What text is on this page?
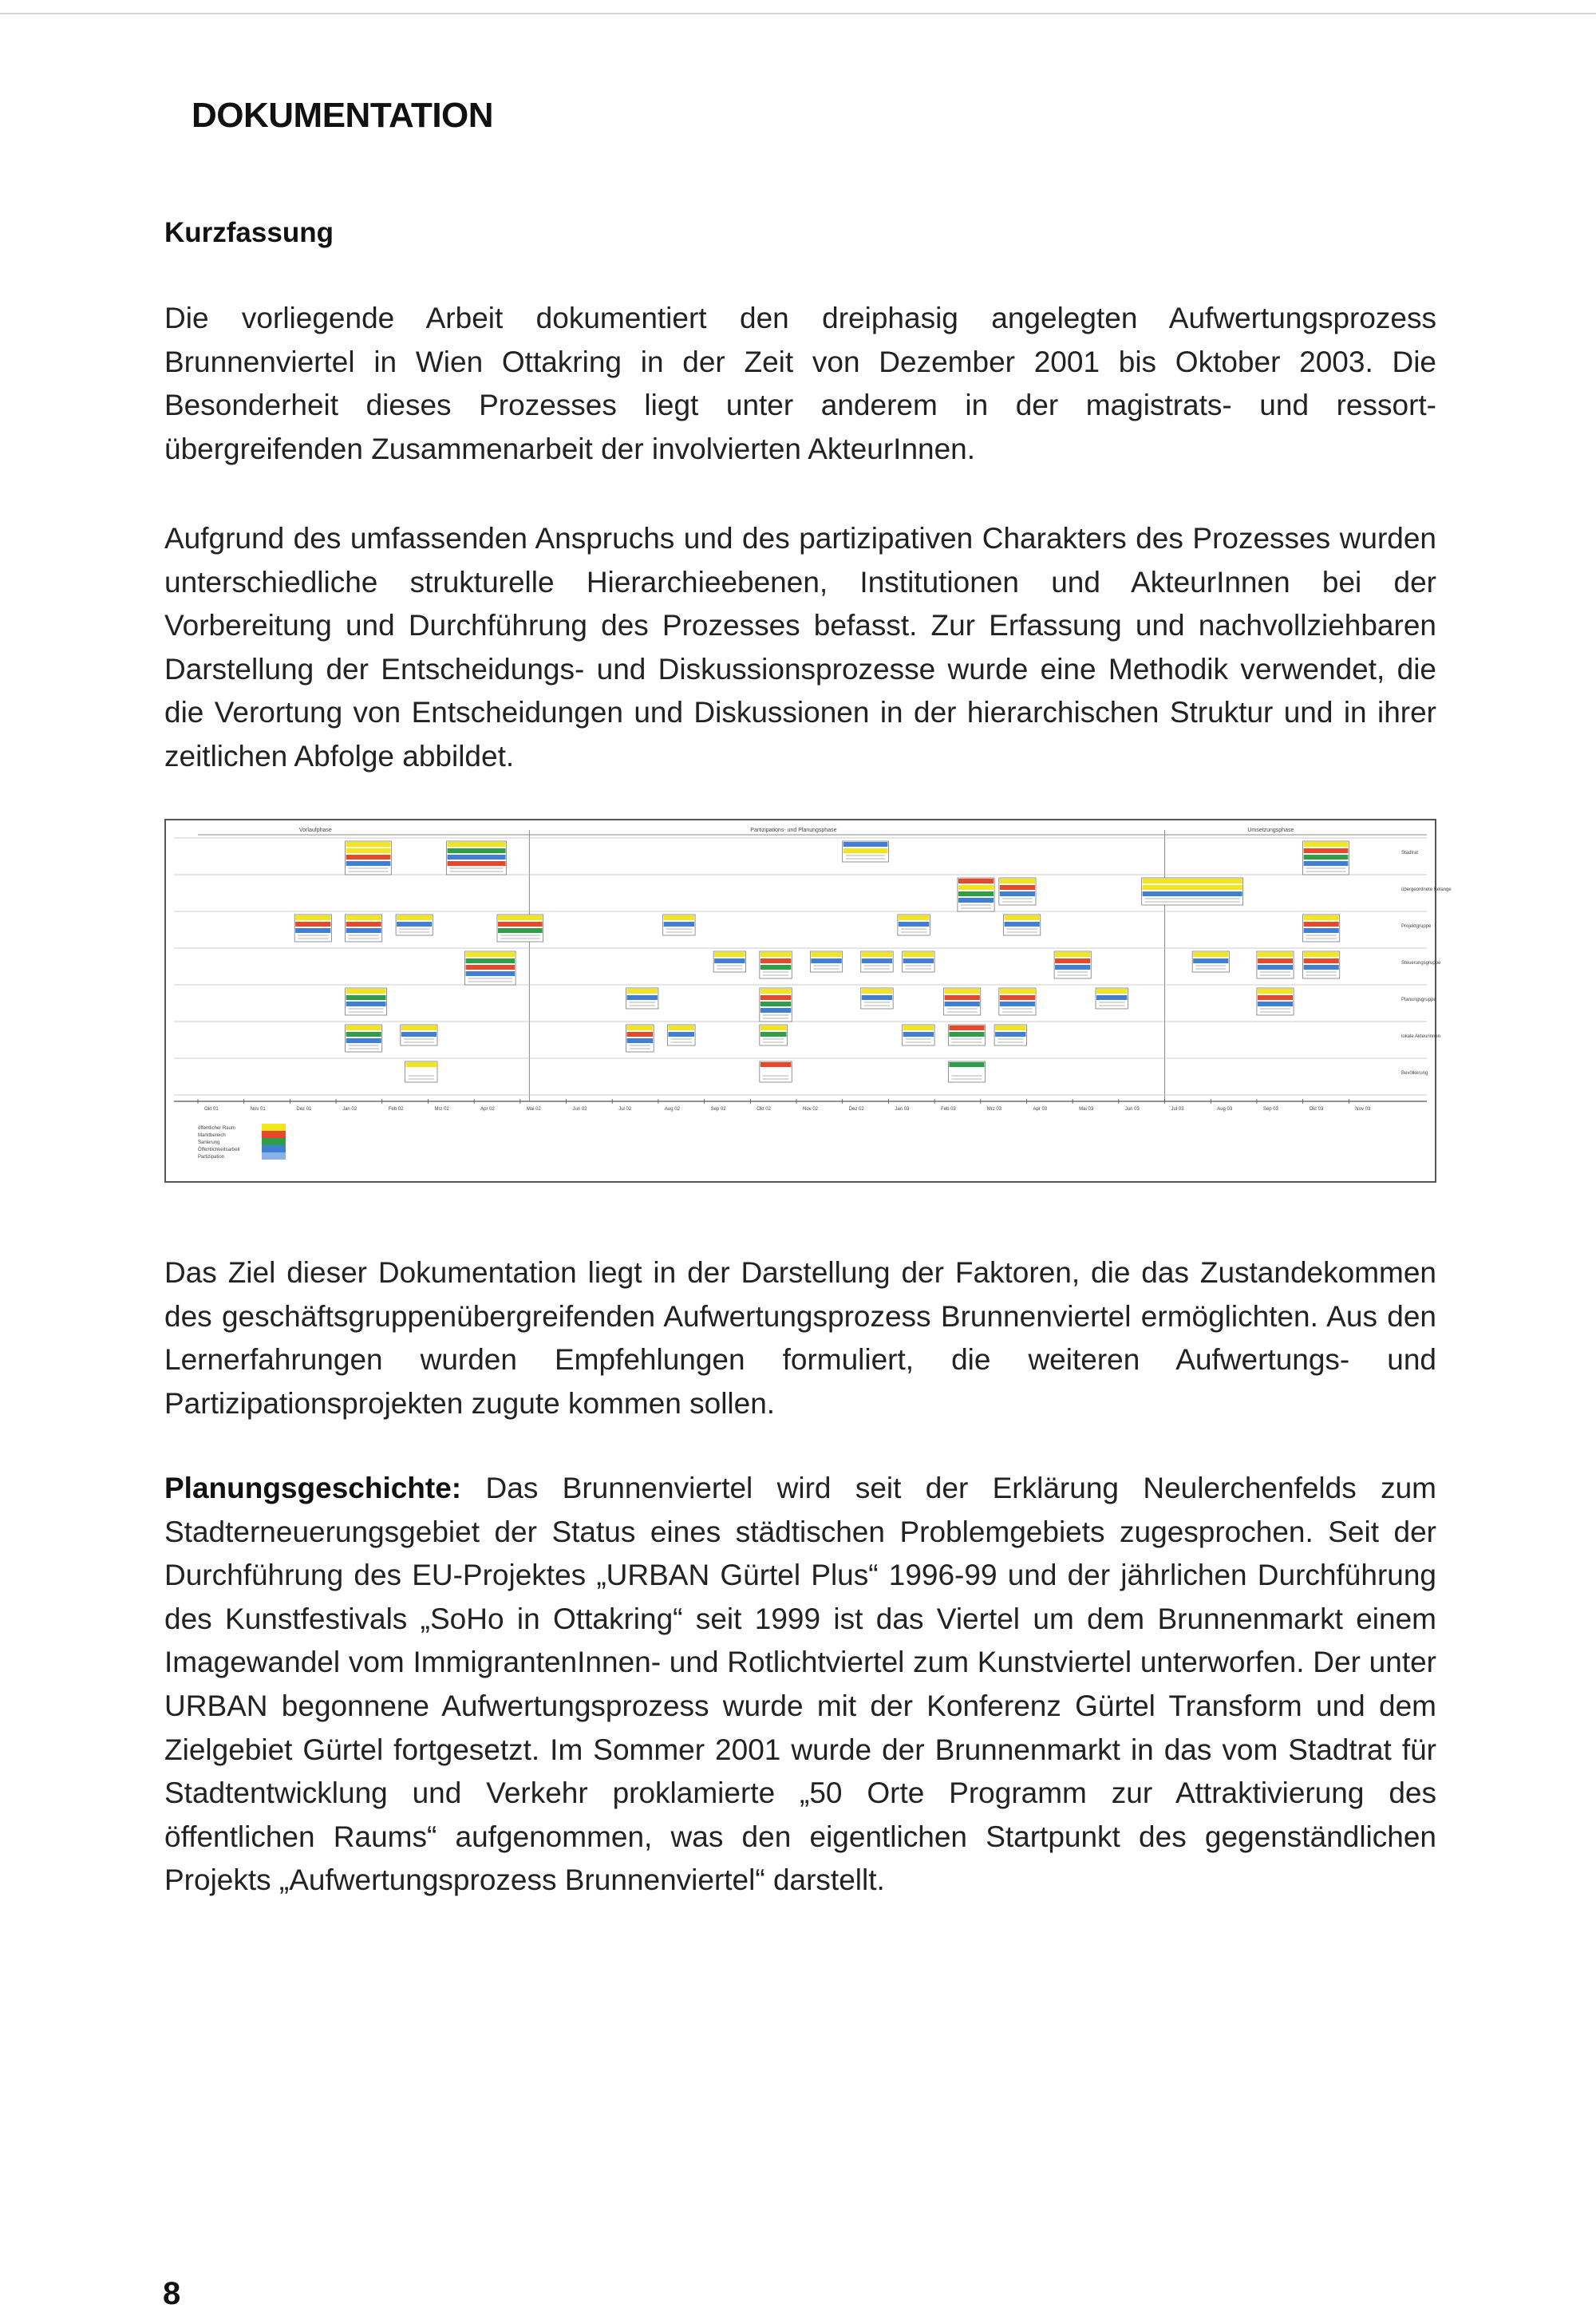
DOKUMENTATION
Kurzfassung

Die vorliegende Arbeit dokumentiert den dreiphasig angelegten Aufwertungsprozess Brunnenviertel in Wien Ottakring in der Zeit von Dezember 2001 bis Oktober 2003. Die Besonderheit dieses Prozesses liegt unter anderem in der magistrats- und ressort-übergreifenden Zusammenarbeit der involvierten AkteurInnen.

Aufgrund des umfassenden Anspruchs und des partizipativen Charakters des Prozesses wurden unterschiedliche strukturelle Hierarchieebenen, Institutionen und AkteurInnen bei der Vorbereitung und Durchführung des Prozesses befasst. Zur Erfassung und nachvollziehbaren Darstellung der Entscheidungs- und Diskussionsprozesse wurde eine Methodik verwendet, die die Verortung von Entscheidungen und Diskussionen in der hierarchischen Struktur und in ihrer zeitlichen Abfolge abbildet.

Vorlaufphase	Partizipations- und Planungsphase	Umsetzungsphase
Stadtrat
übergeordnete Belange
Projektgruppe
Steuerungsgruppe
Planungsgruppe
lokale Akteurinnen
Bevölkerung
Okt 01	Nov 01	Dez 01	Jan 02	Feb 02	Mrz 02	Apr 02	Mai 02	Jun 02	Jul 02	Aug 02	Sep 02	Okt 02	Nov 02	Dez 02	Jan 03	Feb 03	Mrz 03	Apr 03	Mai 03	Jun 03	Jul 03	Aug 03	Sep 03	Okt 03	Nov 03
öffentlicher Raum
Marktbereich
Sanierung
Öffentlichkeitsarbeit
Partizipation

Das Ziel dieser Dokumentation liegt in der Darstellung der Faktoren, die das Zustandekommen des geschäftsgruppenübergreifenden Aufwertungsprozess Brunnenviertel ermöglichten. Aus den Lernerfahrungen wurden Empfehlungen formuliert, die weiteren Aufwertungs- und Partizipationsprojekten zugute kommen sollen.

Planungsgeschichte: Das Brunnenviertel wird seit der Erklärung Neulerchenfelds zum Stadterneuerungsgebiet der Status eines städtischen Problemgebiets zugesprochen. Seit der Durchführung des EU-Projektes „URBAN Gürtel Plus“ 1996-99 und der jährlichen Durchführung des Kunstfestivals „SoHo in Ottakring“ seit 1999 ist das Viertel um dem Brunnenmarkt einem Imagewandel vom ImmigrantenInnen- und Rotlichtviertel zum Kunstviertel unterworfen. Der unter URBAN begonnene Aufwertungsprozess wurde mit der Konferenz Gürtel Transform und dem Zielgebiet Gürtel fortgesetzt. Im Sommer 2001 wurde der Brunnenmarkt in das vom Stadtrat für Stadtentwicklung und Verkehr proklamierte „50 Orte Programm zur Attraktivierung des öffentlichen Raums“ aufgenommen, was den eigentlichen Startpunkt des gegenständlichen Projekts „Aufwertungsprozess Brunnenviertel“ darstellt.

8
